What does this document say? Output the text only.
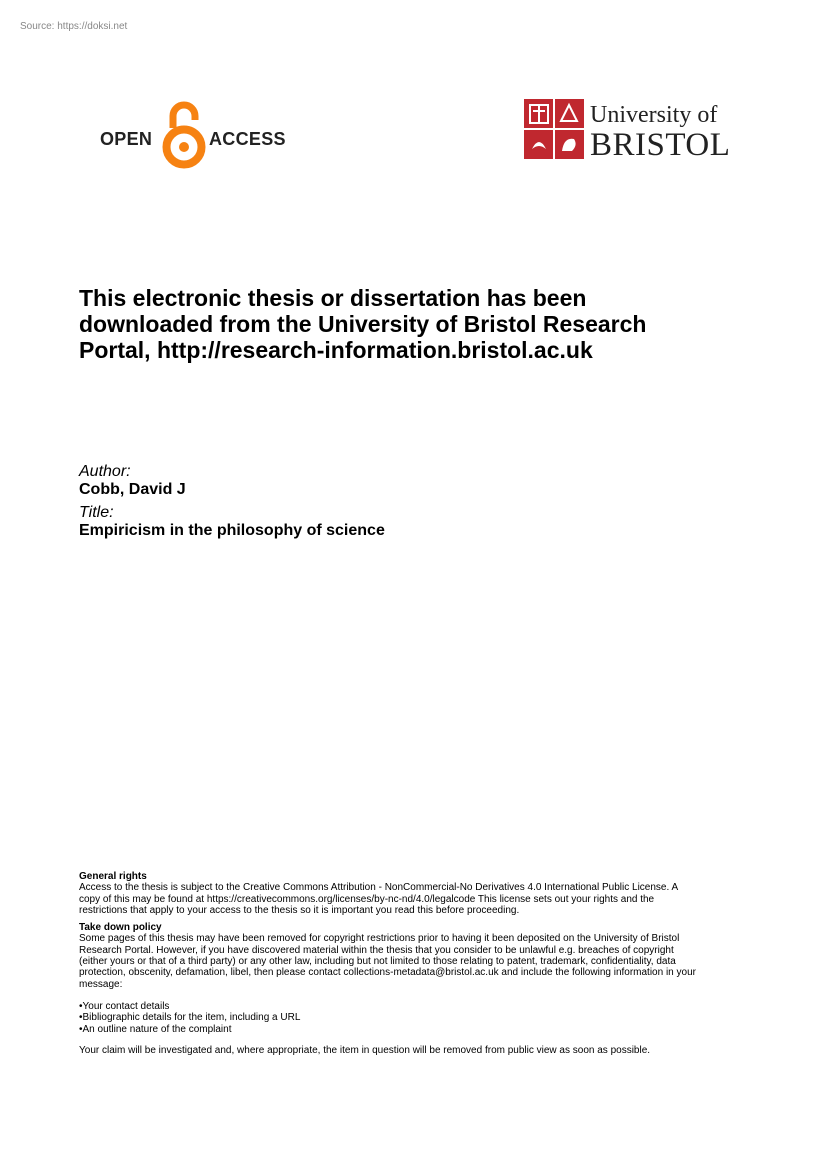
Source: https://doksi.net
OPEN	ACCESS
University of
BRISTOL
This electronic thesis or dissertation has been
downloaded from the University of Bristol Research
Portal, http://research-information.bristol.ac.uk
Author:
Cobb, David J
Title:
Empiricism in the philosophy of science

General rights

Access to the thesis is subject to the Creative Commons Attribution - NonCommercial-No Derivatives 4.0 International Public License. A
copy of this may be found at https://creativecommons.org/licenses/by-nc-nd/4.0/legalcode This license sets out your rights and the
restrictions that apply to your access to the thesis so it is important you read this before proceeding.

Take down policy

Some pages of this thesis may have been removed for copyright restrictions prior to having it been deposited on the University of Bristol
Research Portal. However, if you have discovered material within the thesis that you consider to be unlawful e.g. breaches of copyright
(either yours or that of a third party) or any other law, including but not limited to those relating to patent, trademark, confidentiality, data
protection, obscenity, defamation, libel, then please contact collections-metadata@bristol.ac.uk and include the following information in your
message:

•Your contact details
•Bibliographic details for the item, including a URL
•An outline nature of the complaint

Your claim will be investigated and, where appropriate, the item in question will be removed from public view as soon as possible.
